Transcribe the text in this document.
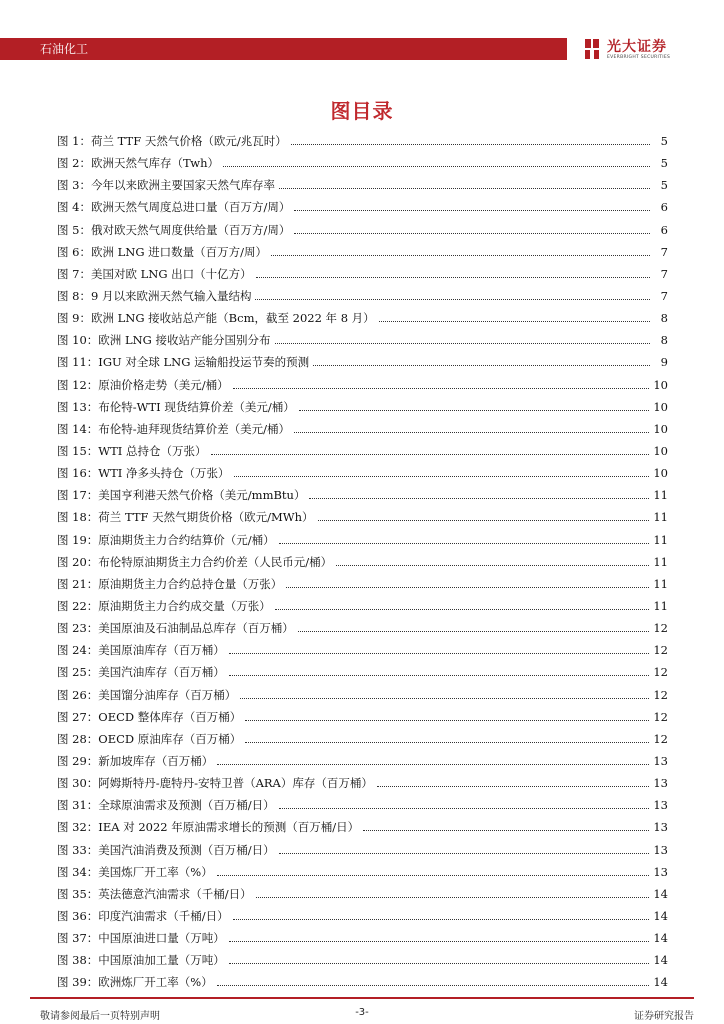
石油化工	光大证券
EVERBRIGHT SECURITIES
图目录
图 1： 荷兰 TTF 天然气价格（欧元/兆瓦时）	5
图 2： 欧洲天然气库存（Twh）	5
图 3： 今年以来欧洲主要国家天然气库存率	5
图 4： 欧洲天然气周度总进口量（百万方/周）	6
图 5： 俄对欧天然气周度供给量（百万方/周）	6
图 6： 欧洲 LNG 进口数量（百万方/周）	7
图 7： 美国对欧 LNG 出口（十亿方）	7
图 8： 9 月以来欧洲天然气输入量结构	7
图 9： 欧洲 LNG 接收站总产能（Bcm，截至 2022 年 8 月）	8
图 10： 欧洲 LNG 接收站产能分国别分布	8
图 11： IGU 对全球 LNG 运输船投运节奏的预测	9
图 12： 原油价格走势（美元/桶）	10
图 13： 布伦特-WTI 现货结算价差（美元/桶）	10
图 14： 布伦特-迪拜现货结算价差（美元/桶）	10
图 15： WTI 总持仓（万张）	10
图 16： WTI 净多头持仓（万张）	10
图 17： 美国亨利港天然气价格（美元/mmBtu）	11
图 18： 荷兰 TTF 天然气期货价格（欧元/MWh）	11
图 19： 原油期货主力合约结算价（元/桶）	11
图 20： 布伦特原油期货主力合约价差（人民币元/桶）	11
图 21： 原油期货主力合约总持仓量（万张）	11
图 22： 原油期货主力合约成交量（万张）	11
图 23： 美国原油及石油制品总库存（百万桶）	12
图 24： 美国原油库存（百万桶）	12
图 25： 美国汽油库存（百万桶）	12
图 26： 美国馏分油库存（百万桶）	12
图 27： OECD 整体库存（百万桶）	12
图 28： OECD 原油库存（百万桶）	12
图 29： 新加坡库存（百万桶）	13
图 30： 阿姆斯特丹-鹿特丹-安特卫普（ARA）库存（百万桶）	13
图 31： 全球原油需求及预测（百万桶/日）	13
图 32： IEA 对 2022 年原油需求增长的预测（百万桶/日）	13
图 33： 美国汽油消费及预测（百万桶/日）	13
图 34： 美国炼厂开工率（%）	13
图 35： 英法德意汽油需求（千桶/日）	14
图 36： 印度汽油需求（千桶/日）	14
图 37： 中国原油进口量（万吨）	14
图 38： 中国原油加工量（万吨）	14
图 39： 欧洲炼厂开工率（%）	14
敬请参阅最后一页特别声明	-3-	证券研究报告
